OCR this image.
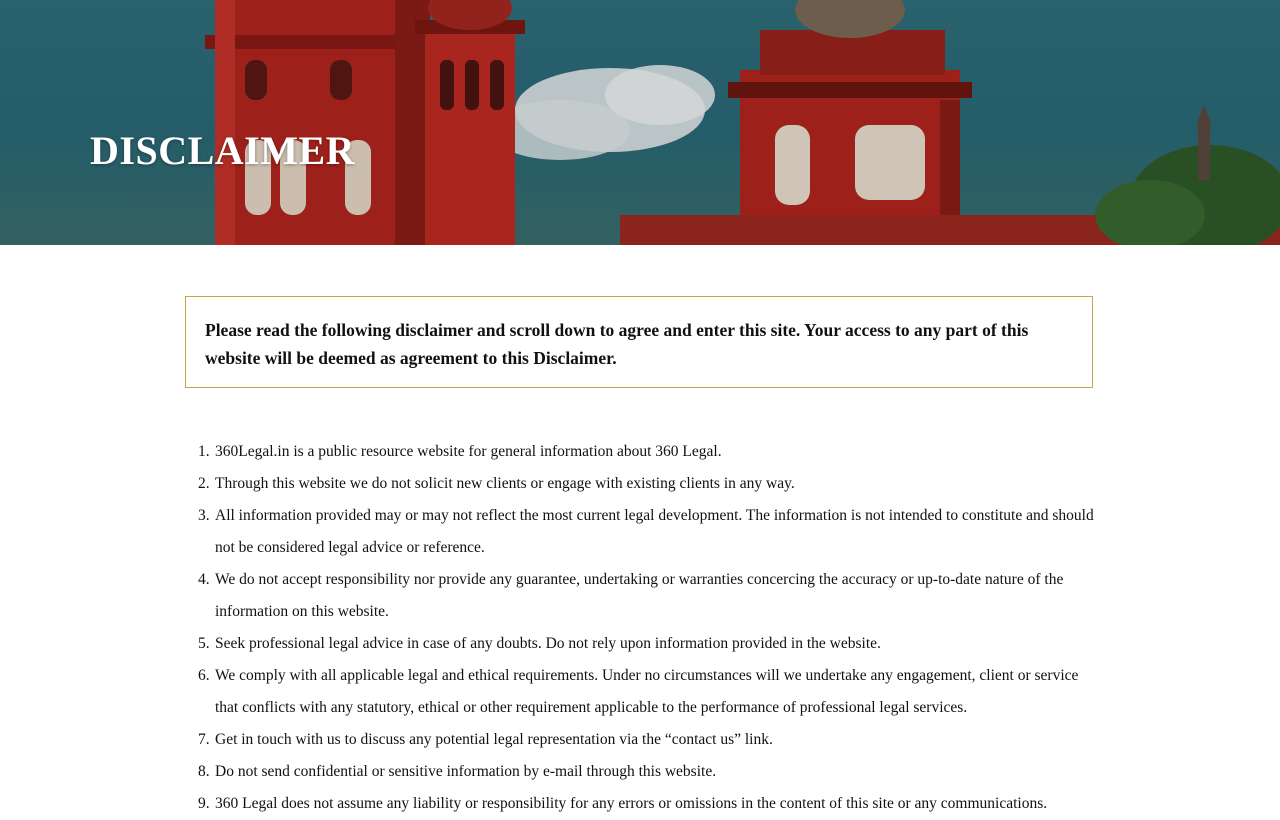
DISCLAIMER

Please read the following disclaimer and scroll down to agree and enter this site. Your access to any part of this website will be deemed as agreement to this Disclaimer.

1. 360Legal.in is a public resource website for general information about 360 Legal.
2. Through this website we do not solicit new clients or engage with existing clients in any way.
3. All information provided may or may not reflect the most current legal development. The information is not intended to constitute and should not be considered legal advice or reference.
4. We do not accept responsibility nor provide any guarantee, undertaking or warranties concercing the accuracy or up-to-date nature of the information on this website.
5. Seek professional legal advice in case of any doubts. Do not rely upon information provided in the website.
6. We comply with all applicable legal and ethical requirements. Under no circumstances will we undertake any engagement, client or service that conflicts with any statutory, ethical or other requirement applicable to the performance of professional legal services.
7. Get in touch with us to discuss any potential legal representation via the “contact us” link.
8. Do not send confidential or sensitive information by e-mail through this website.
9. 360 Legal does not assume any liability or responsibility for any errors or omissions in the content of this site or any communications.
